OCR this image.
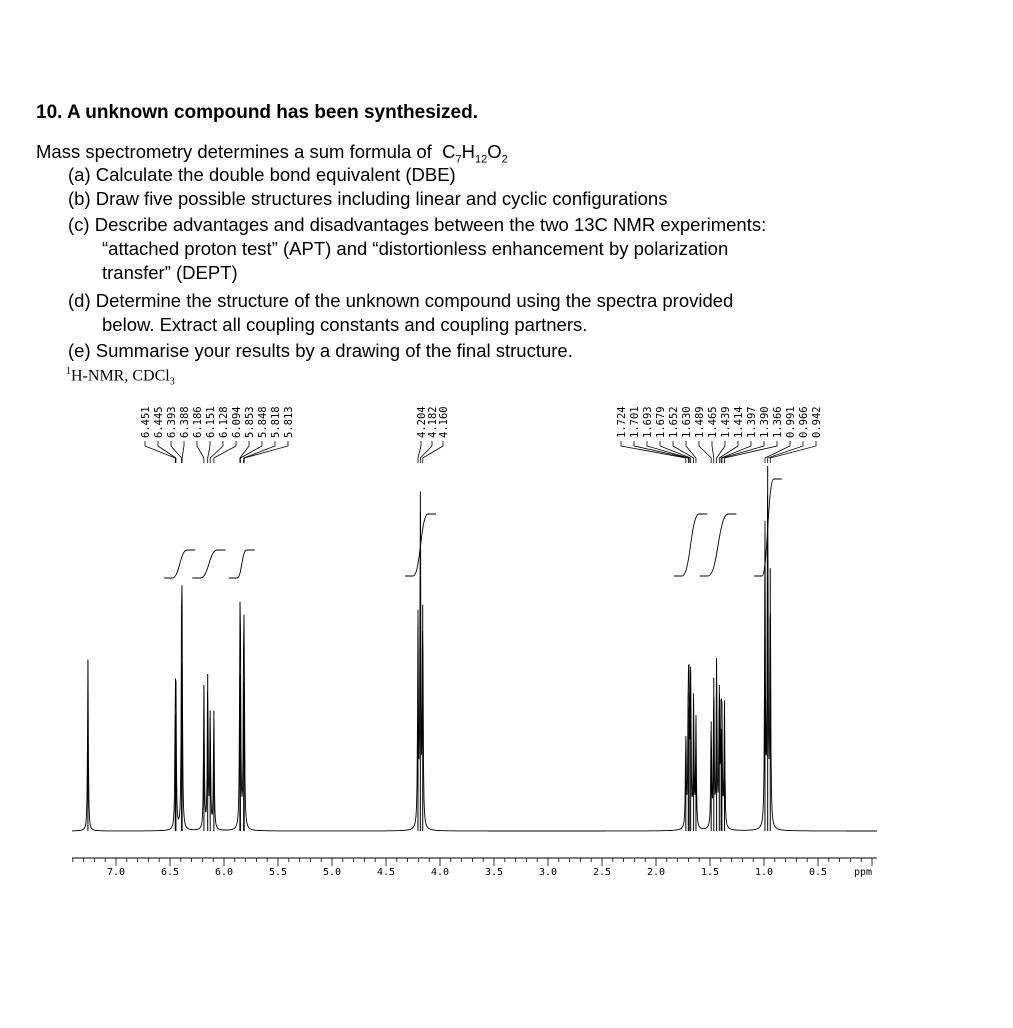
10. A unknown compound has been synthesized.
Mass spectrometry determines a sum formula of $C_7H_{12}O_2$
(a) Calculate the double bond equivalent (DBE)
(b) Draw five possible structures including linear and cyclic configurations
(c) Describe advantages and disadvantages between the two 13C NMR experiments:
“attached proton test” (APT) and “distortionless enhancement by polarization
transfer” (DEPT)
(d) Determine the structure of the unknown compound using the spectra provided
below. Extract all coupling constants and coupling partners.
(e) Summarise your results by a drawing of the final structure.
$^1$H-NMR, CDCl$_3$
7.0	6.5	6.0	5.5	5.0	4.5	4.0	3.5	3.0	2.5	2.0	1.5	1.0	0.5	ppm
6.451 6.445 6.393 6.388 6.186 6.151 6.128 6.094 5.853 5.848 5.818 5.813	4.204 4.182 4.160	1.724 1.701 1.693 1.679 1.652 1.630 1.489 1.465 1.439 1.414 1.397 1.390 1.366 0.991 0.966 0.942
